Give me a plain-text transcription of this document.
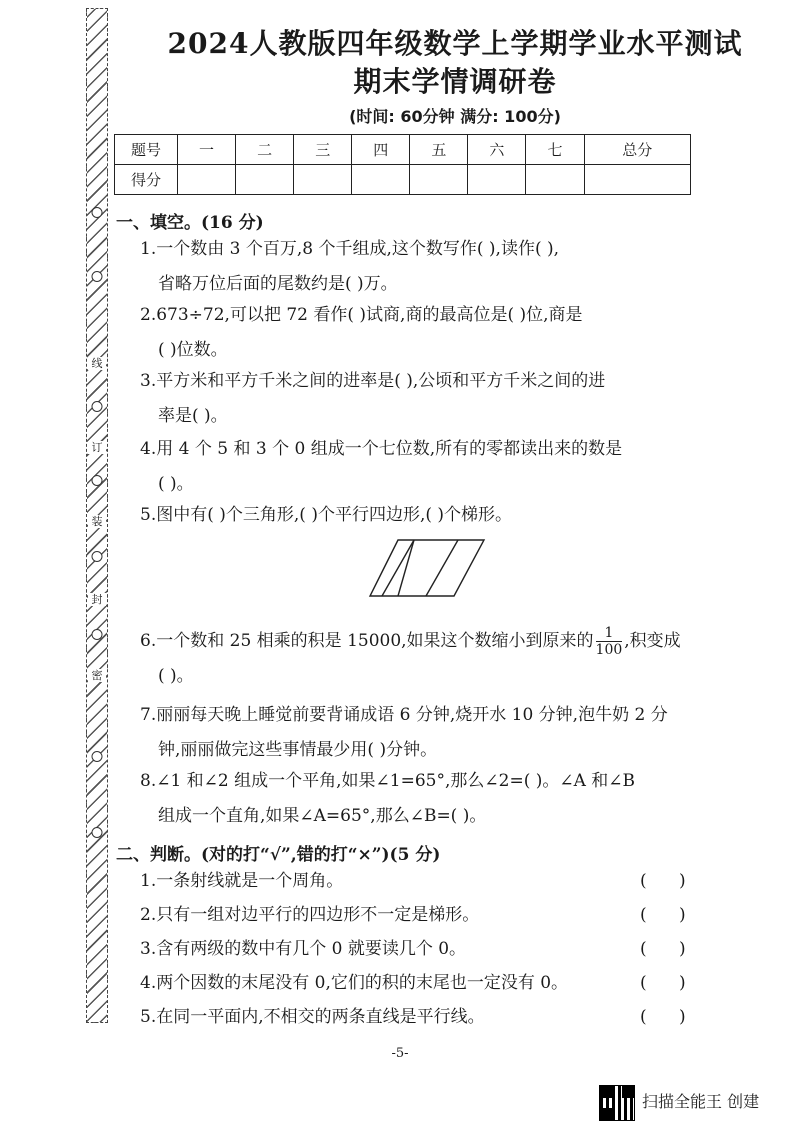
线
订
装
封
密
2024人教版四年级数学上学期学业水平测试
期末学情调研卷
(时间: 60分钟 满分: 100分)
题号	一	二	三	四	五	六	七	总分
得分								
一、填空。(16 分)
1.一个数由 3 个百万,8 个千组成,这个数写作( ),读作( ),
省略万位后面的尾数约是( )万。
2.673÷72,可以把 72 看作( )试商,商的最高位是( )位,商是
( )位数。
3.平方米和平方千米之间的进率是( ),公顷和平方千米之间的进
率是( )。
4.用 4 个 5 和 3 个 0 组成一个七位数,所有的零都读出来的数是
( )。
5.图中有( )个三角形,( )个平行四边形,( )个梯形。
6.一个数和 25 相乘的积是 15000,如果这个数缩小到原来的 $\frac{1}{100}$ ,积变成
( )。
7.丽丽每天晚上睡觉前要背诵成语 6 分钟,烧开水 10 分钟,泡牛奶 2 分
钟,丽丽做完这些事情最少用( )分钟。
8.∠1 和∠2 组成一个平角,如果∠1=65°,那么∠2=( )。∠A 和∠B
组成一个直角,如果∠A=65°,那么∠B=( )。
二、判断。(对的打“√”,错的打“×”)(5 分)
1.一条射线就是一个周角。	(      )
2.只有一组对边平行的四边形不一定是梯形。	(      )
3.含有两级的数中有几个 0 就要读几个 0。	(      )
4.两个因数的末尾没有 0,它们的积的末尾也一定没有 0。	(      )
5.在同一平面内,不相交的两条直线是平行线。	(      )
-5-
扫描全能王 创建
